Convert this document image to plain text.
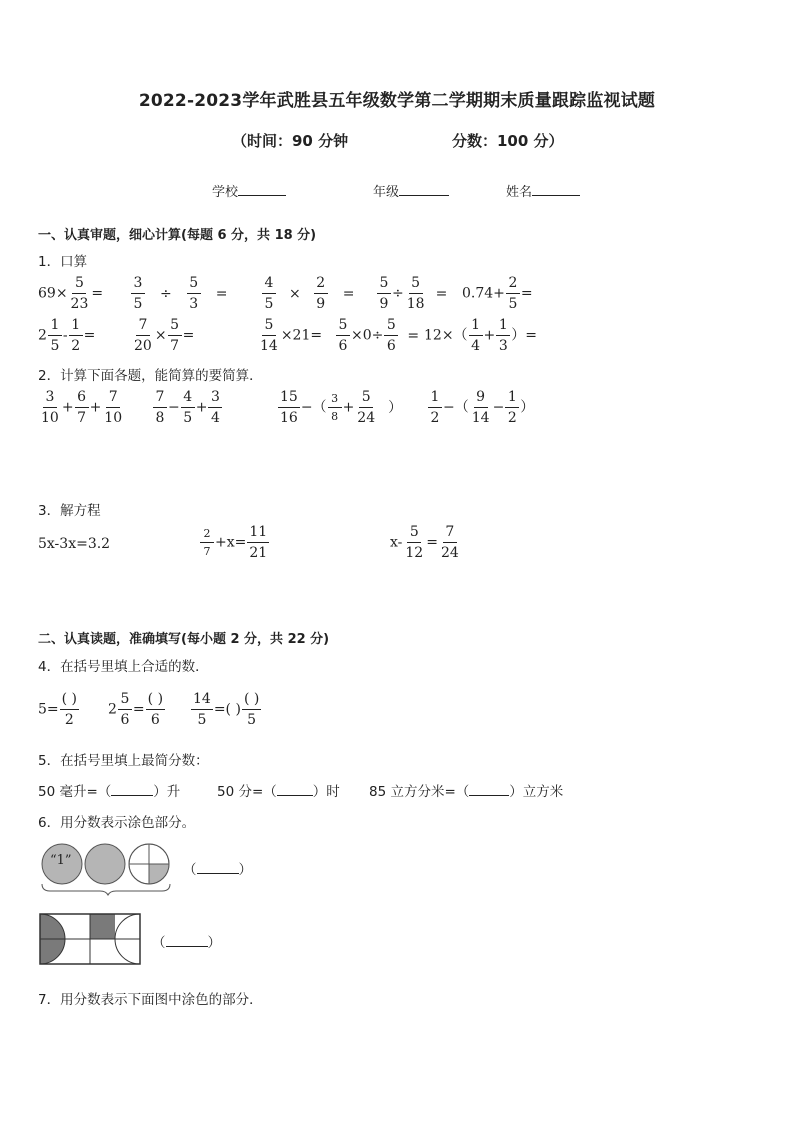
2022-2023学年武胜县五年级数学第二学期期末质量跟踪监视试题
（时间：90 分钟	分数：100 分）
学校	年级	姓名
一、认真审题，细心计算(每题 6 分，共 18 分)
1．口算
$69\times \frac{5}{23} = \frac{3}{5} \div \frac{5}{3} = \frac{4}{5} \times \frac{2}{9} = \frac{5}{9} \div \frac{5}{18} = 0.74+ \frac{2}{5}$ =
$2 \frac{1}{5} - \frac{1}{2}$ =	$\frac{7}{20} \times \frac{5}{7}$ =	$\frac{5}{14} \times 21= \frac{5}{6} \times 0\div \frac{5}{6} = 12\times( \frac{1}{4} + \frac{1}{3}$ ）=
2．计算下面各题，能简算的要简算．
$\frac{3}{10} + \frac{6}{7} + \frac{7}{10} \frac{7}{8} - \frac{4}{5} + \frac{3}{4}$	$\frac{15}{16}$ −（ $\frac{3}{8} + \frac{5}{24}$ ） $\frac{1}{2}$ −（ $\frac{9}{14} - \frac{1}{2}$ ）
3．解方程
5x-3x=3.2	$\frac{2}{7} +x= \frac{11}{21}$	$x- \frac{5}{12} = \frac{7}{24}$
二、认真读题，准确填写(每小题 2 分，共 22 分)
4．在括号里填上合适的数．
$5= \frac{( )}{2} 2 \frac{5}{6} = \frac{( )}{6} \frac{14}{5}$ =( ) $\frac{( )}{5}$
5．在括号里填上最简分数：
50 毫升=（	）升	50 分=（	）时 85 立方分米=（	）立方米
6．用分数表示涂色部分。
“1”
（	）
（	）
7．用分数表示下面图中涂色的部分．
